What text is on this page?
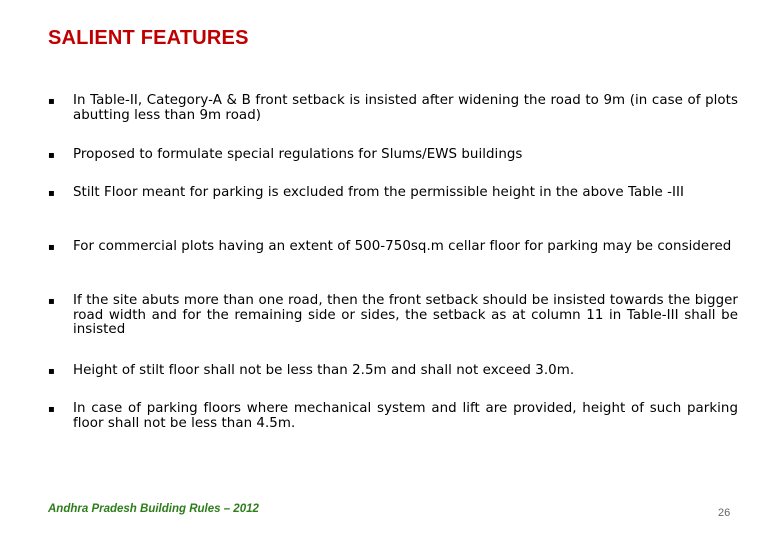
SALIENT FEATURES
▪	In Table-II, Category-A & B front setback is insisted after widening the road to 9m (in case of plots abutting less than 9m road)
▪	Proposed to formulate special regulations for Slums/EWS buildings
▪	Stilt Floor meant for parking is excluded from the permissible height in the above Table -III
▪	For commercial plots having an extent of 500-750sq.m cellar floor for parking may be considered
▪	If the site abuts more than one road, then the front setback should be insisted towards the bigger road width and for the remaining side or sides, the setback as at column 11 in Table-III shall be insisted
▪	Height of stilt floor shall not be less than 2.5m and shall not exceed 3.0m.
▪	In case of parking floors where mechanical system and lift are provided, height of such parking floor shall not be less than 4.5m.
Andhra Pradesh Building Rules – 2012	26
